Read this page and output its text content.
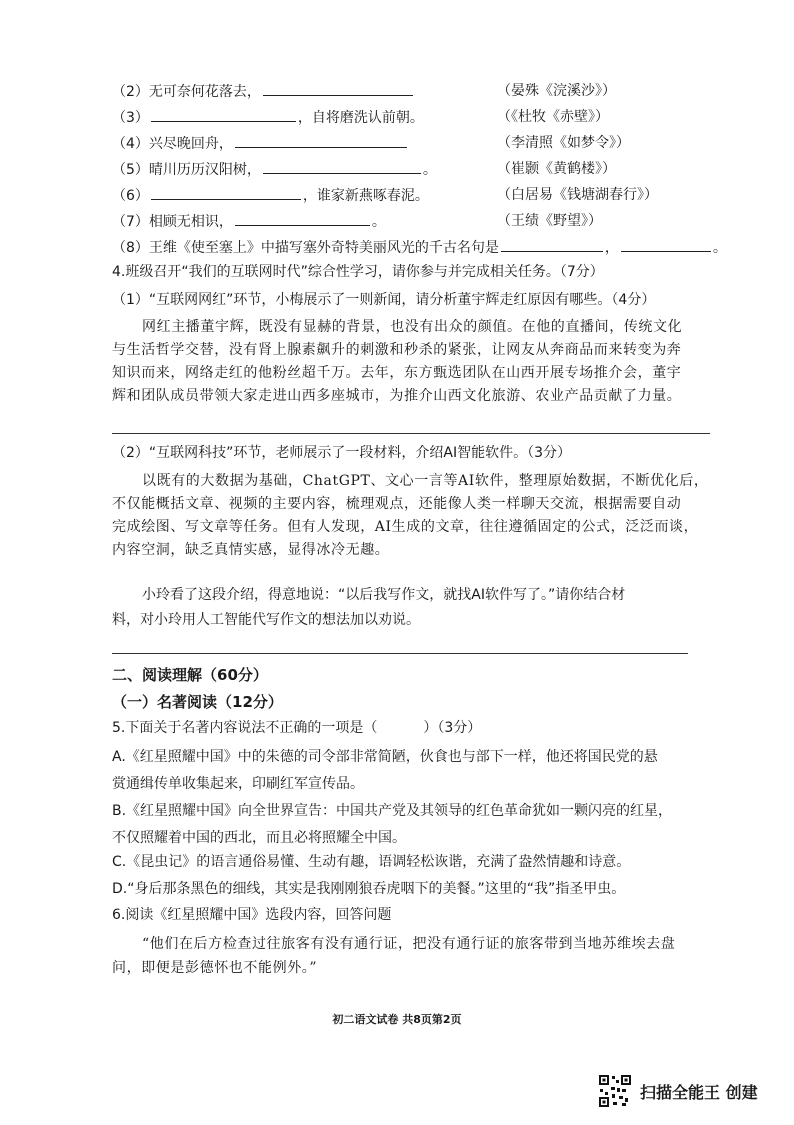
（2）无可奈何花落去，	（晏殊《浣溪沙》）
（3）	，自将磨洗认前朝。	（《杜牧《赤壁》）
（4）兴尽晚回舟，	（李清照《如梦令》）
（5）晴川历历汉阳树，	。	（崔颢《黄鹤楼》）
（6）	，谁家新燕啄春泥。	（白居易《钱塘湖春行》）
（7）相顾无相识，	。	（王绩《野望》）
（8）王维《使至塞上》中描写塞外奇特美丽风光的千古名句是	，	。
4.班级召开“我们的互联网时代”综合性学习，请你参与并完成相关任务。（7分）
（1）“互联网网红”环节，小梅展示了一则新闻，请分析董宇辉走红原因有哪些。（4分）
网红主播董宇辉，既没有显赫的背景，也没有出众的颜值。在他的直播间，传统文化
与生活哲学交替，没有肾上腺素飙升的刺激和秒杀的紧张，让网友从奔商品而来转变为奔
知识而来，网络走红的他粉丝超千万。去年，东方甄选团队在山西开展专场推介会，董宇
辉和团队成员带领大家走进山西多座城市，为推介山西文化旅游、农业产品贡献了力量。
（2）“互联网科技”环节，老师展示了一段材料，介绍AI智能软件。（3分）
以既有的大数据为基础，ChatGPT、文心一言等AI软件，整理原始数据，不断优化后，
不仅能概括文章、视频的主要内容，梳理观点，还能像人类一样聊天交流，根据需要自动
完成绘图、写文章等任务。但有人发现，AI生成的文章，往往遵循固定的公式，泛泛而谈，
内容空洞，缺乏真情实感，显得冰冷无趣。
小玲看了这段介绍，得意地说：“以后我写作文，就找AI软件写了。”请你结合材
料，对小玲用人工智能代写作文的想法加以劝说。
二、阅读理解（60分）
（一）名著阅读（12分）
5.下面关于名著内容说法不正确的一项是（	）（3分）
A.《红星照耀中国》中的朱德的司令部非常简陋，伙食也与部下一样，他还将国民党的悬
赏通缉传单收集起来，印刷红军宣传品。
B.《红星照耀中国》向全世界宣告：中国共产党及其领导的红色革命犹如一颗闪亮的红星，
不仅照耀着中国的西北，而且必将照耀全中国。
C.《昆虫记》的语言通俗易懂、生动有趣，语调轻松诙谐，充满了盎然情趣和诗意。
D.“身后那条黑色的细线，其实是我刚刚狼吞虎咽下的美餐。”这里的“我”指圣甲虫。
6.阅读《红星照耀中国》选段内容，回答问题
“他们在后方检查过往旅客有没有通行证，把没有通行证的旅客带到当地苏维埃去盘
问，即便是彭德怀也不能例外。”
初二语文试卷 共8页第2页
扫描全能王 创建
